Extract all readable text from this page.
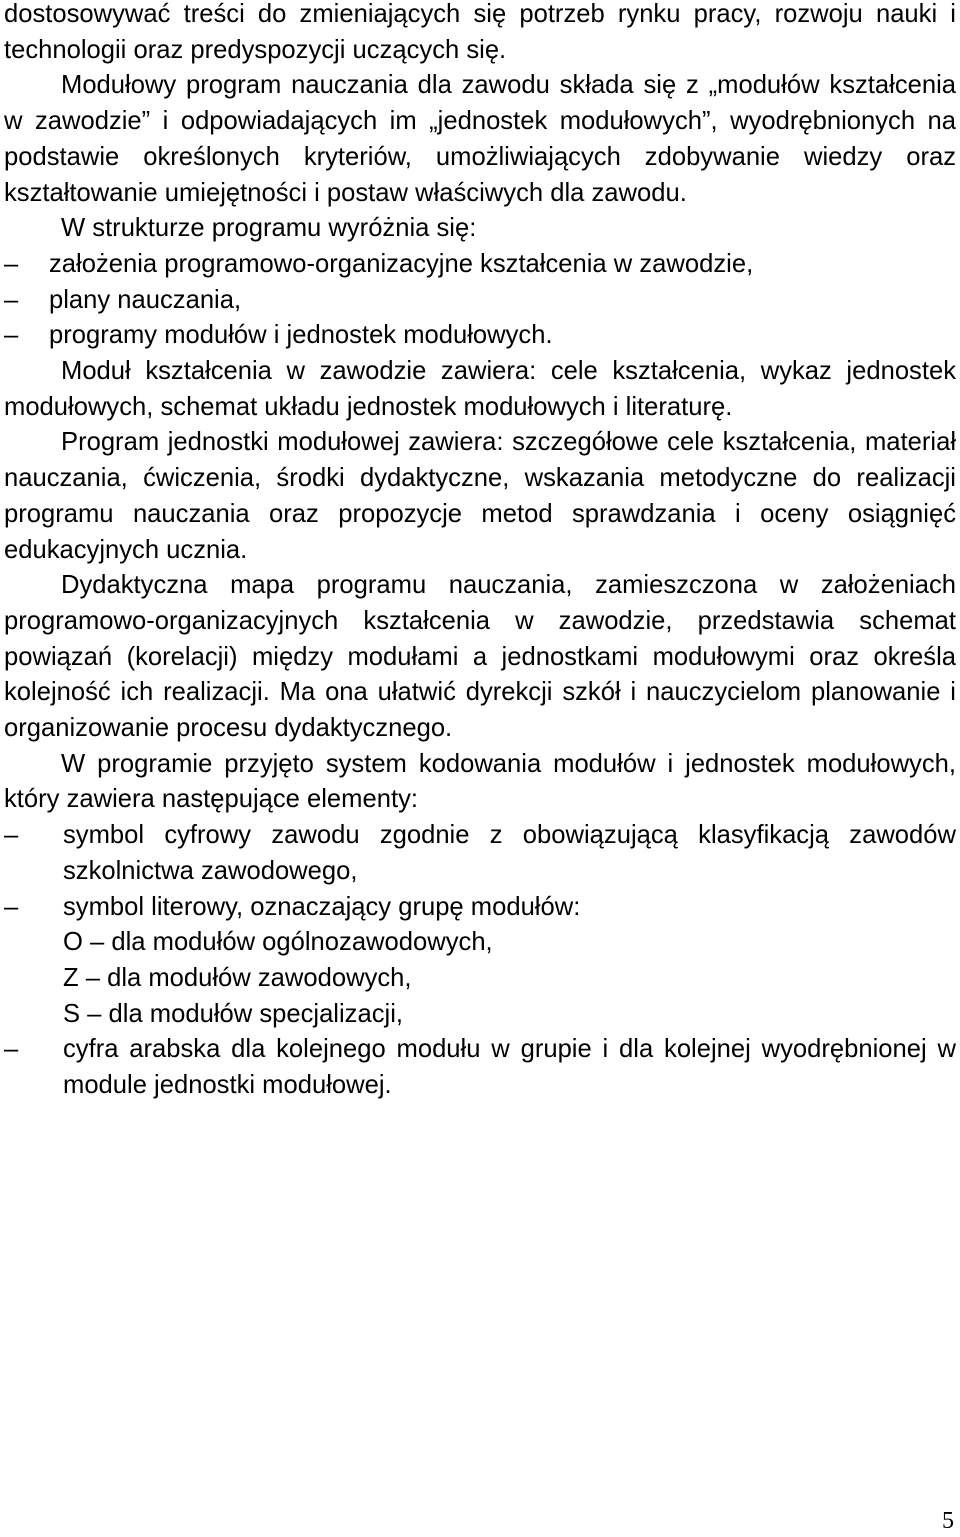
dostosowywać treści do zmieniających się potrzeb rynku pracy, rozwoju nauki i technologii oraz predyspozycji uczących się.

Modułowy program nauczania dla zawodu składa się z „modułów kształcenia w zawodzie” i odpowiadających im „jednostek modułowych”, wyodrębnionych na podstawie określonych kryteriów, umożliwiających zdobywanie wiedzy oraz kształtowanie umiejętności i postaw właściwych dla zawodu.

W strukturze programu wyróżnia się:

– założenia programowo-organizacyjne kształcenia w zawodzie,
– plany nauczania,
– programy modułów i jednostek modułowych.

Moduł kształcenia w zawodzie zawiera: cele kształcenia, wykaz jednostek modułowych, schemat układu jednostek modułowych i literaturę.

Program jednostki modułowej zawiera: szczegółowe cele kształcenia, materiał nauczania, ćwiczenia, środki dydaktyczne, wskazania metodyczne do realizacji programu nauczania oraz propozycje metod sprawdzania i oceny osiągnięć edukacyjnych ucznia.

Dydaktyczna mapa programu nauczania, zamieszczona w założeniach programowo-organizacyjnych kształcenia w zawodzie, przedstawia schemat powiązań (korelacji) między modułami a jednostkami modułowymi oraz określa kolejność ich realizacji. Ma ona ułatwić dyrekcji szkół i nauczycielom planowanie i organizowanie procesu dydaktycznego.

W programie przyjęto system kodowania modułów i jednostek modułowych, który zawiera następujące elementy:

– symbol cyfrowy zawodu zgodnie z obowiązującą klasyfikacją zawodów szkolnictwa zawodowego,
– symbol literowy, oznaczający grupę modułów:
O – dla modułów ogólnozawodowych,
Z – dla modułów zawodowych,
S – dla modułów specjalizacji,
– cyfra arabska dla kolejnego modułu w grupie i dla kolejnej wyodrębnionej w module jednostki modułowej.
5
